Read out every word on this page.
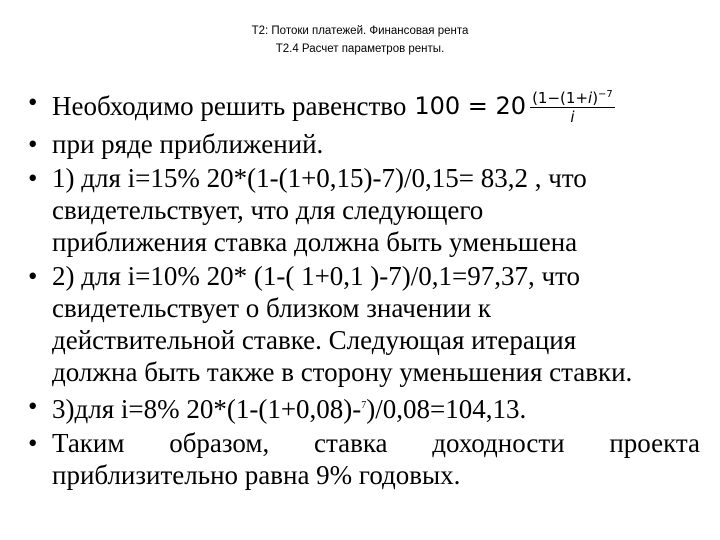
Т2: Потоки платежей. Финансовая рента
Т2.4 Расчет параметров ренты.
• Необходимо решить равенство $100 = 20 \frac{(1-(1+i)^{-7}}{i}$
• при ряде приближений.
• 1) для i=15% 20*(1-(1+0,15)-7)/0,15= 83,2 , что
свидетельствует, что для следующего
приближения ставка должна быть уменьшена
• 2) для i=10% 20* (1-( 1+0,1 )-7)/0,1=97,37, что
свидетельствует о близком значении к
действительной ставке. Следующая итерация
должна быть также в сторону уменьшения ставки.
• 3)для i=8% 20*(1-(1+0,08)-$^7$)/0,08=104,13.
• Таким образом, ставка доходности проекта
приблизительно равна 9% годовых.
